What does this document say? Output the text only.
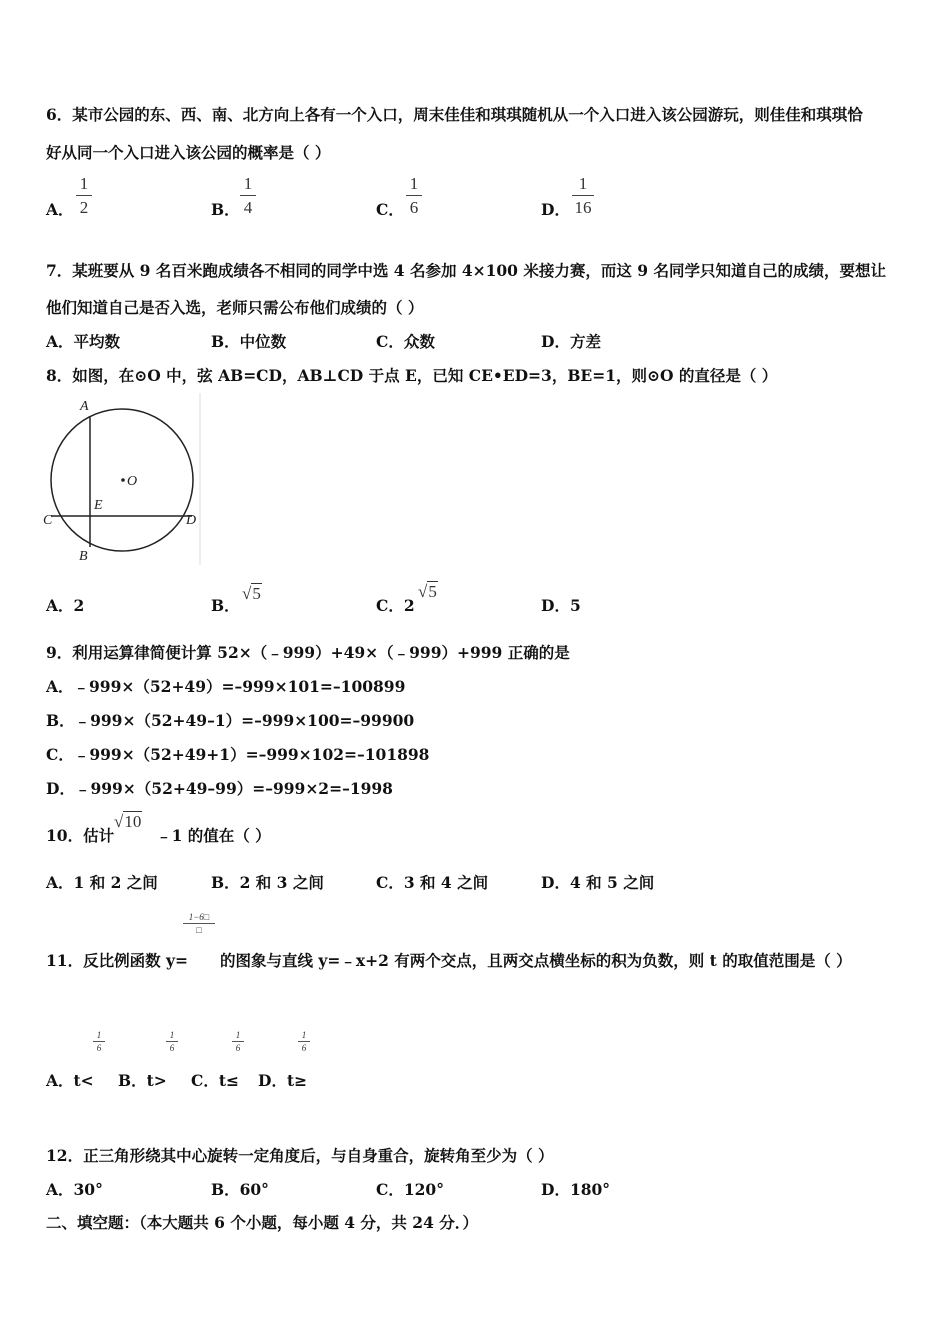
6．某市公园的东、西、南、北方向上各有一个入口，周末佳佳和琪琪随机从一个入口进入该公园游玩，则佳佳和琪琪恰
好从同一个入口进入该公园的概率是（ ）
A．
1
2	B．
1
4	C．
1
6	D．
1
16
7．某班要从 9 名百米跑成绩各不相同的同学中选 4 名参加 4×100 米接力赛，而这 9 名同学只知道自己的成绩，要想让
他们知道自己是否入选，老师只需公布他们成绩的（ ）
A．平均数	B．中位数	C．众数	D．方差
8．如图，在⊙O 中，弦 AB=CD，AB⊥CD 于点 E，已知 CE•ED=3，BE=1，则⊙O 的直径是（ ）
A
O
E
C	D
B
A．2	B．
√5
C．2
√5
D．5
9．利用运算律简便计算 52×（﹣999）+49×（﹣999）+999 正确的是
A．﹣999×（52+49）=–999×101=–100899
B．﹣999×（52+49–1）=–999×100=–99900
C．﹣999×（52+49+1）=–999×102=–101898
D．﹣999×（52+49–99）=–999×2=–1998
10．估计	﹣1 的值在（ ）
√10
A．1 和 2 之间	B．2 和 3 之间	C．3 和 4 之间	D．4 和 5 之间
1−6□
□
11．反比例函数 y= 的图象与直线 y=﹣x+2 有两个交点，且两交点横坐标的积为负数，则 t 的取值范围是（ ）
1
6
1
6
1
6
1
6
A．t< B．t> C．t≤ D．t≥
12．正三角形绕其中心旋转一定角度后，与自身重合，旋转角至少为（ ）
A．30°	B．60°	C．120°	D．180°
二、填空题：（本大题共 6 个小题，每小题 4 分，共 24 分．）
